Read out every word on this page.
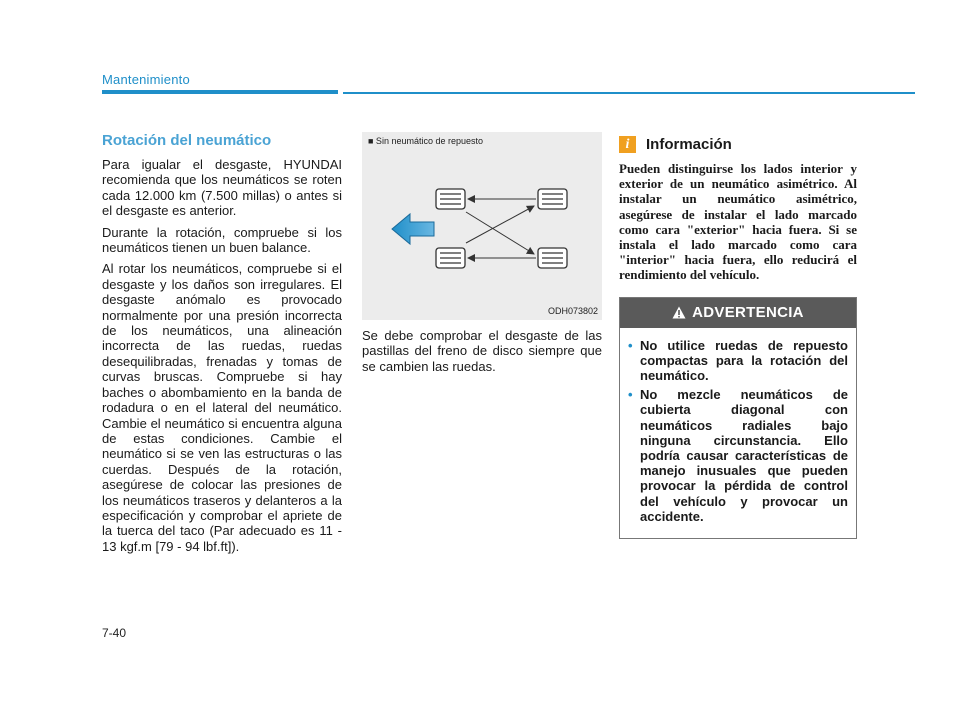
Mantenimiento
Rotación del neumático

Para igualar el desgaste, HYUNDAI recomienda que los neumáticos se roten cada 12.000 km (7.500 millas) o antes si el desgaste es anterior.

Durante la rotación, compruebe si los neumáticos tienen un buen balance.

Al rotar los neumáticos, compruebe si el desgaste y los daños son irregulares. El desgaste anómalo es provocado normalmente por una presión incorrecta de los neumáticos, una alineación incorrecta de las ruedas, ruedas desequilibradas, frenadas y tomas de curvas bruscas. Compruebe si hay baches o abombamiento en la banda de rodadura o en el lateral del neumático. Cambie el neumático si encuentra alguna de estas condiciones. Cambie el neumático si se ven las estructuras o las cuerdas. Después de la rotación, asegúrese de colocar las presiones de los neumáticos traseros y delanteros a la especificación y comprobar el apriete de la tuerca del taco (Par adecuado es 11 - 13 kgf.m [79 - 94 lbf.ft]).

■ Sin neumático de repuesto
ODH073802

Se debe comprobar el desgaste de las pastillas del freno de disco siempre que se cambien las ruedas.

i	Información

Pueden distinguirse los lados interior y exterior de un neumático asimétrico. Al instalar un neumático asimétrico, asegúrese de instalar el lado marcado como cara "exterior" hacia fuera. Si se instala el lado marcado como cara "interior" hacia fuera, ello reducirá el rendimiento del vehículo.

ADVERTENCIA
• No utilice ruedas de repuesto compactas para la rotación del neumático.
• No mezcle neumáticos de cubierta diagonal con neumáticos radiales bajo ninguna circunstancia. Ello podría causar características de manejo inusuales que pueden provocar la pérdida de control del vehículo y provocar un accidente.
7-40
